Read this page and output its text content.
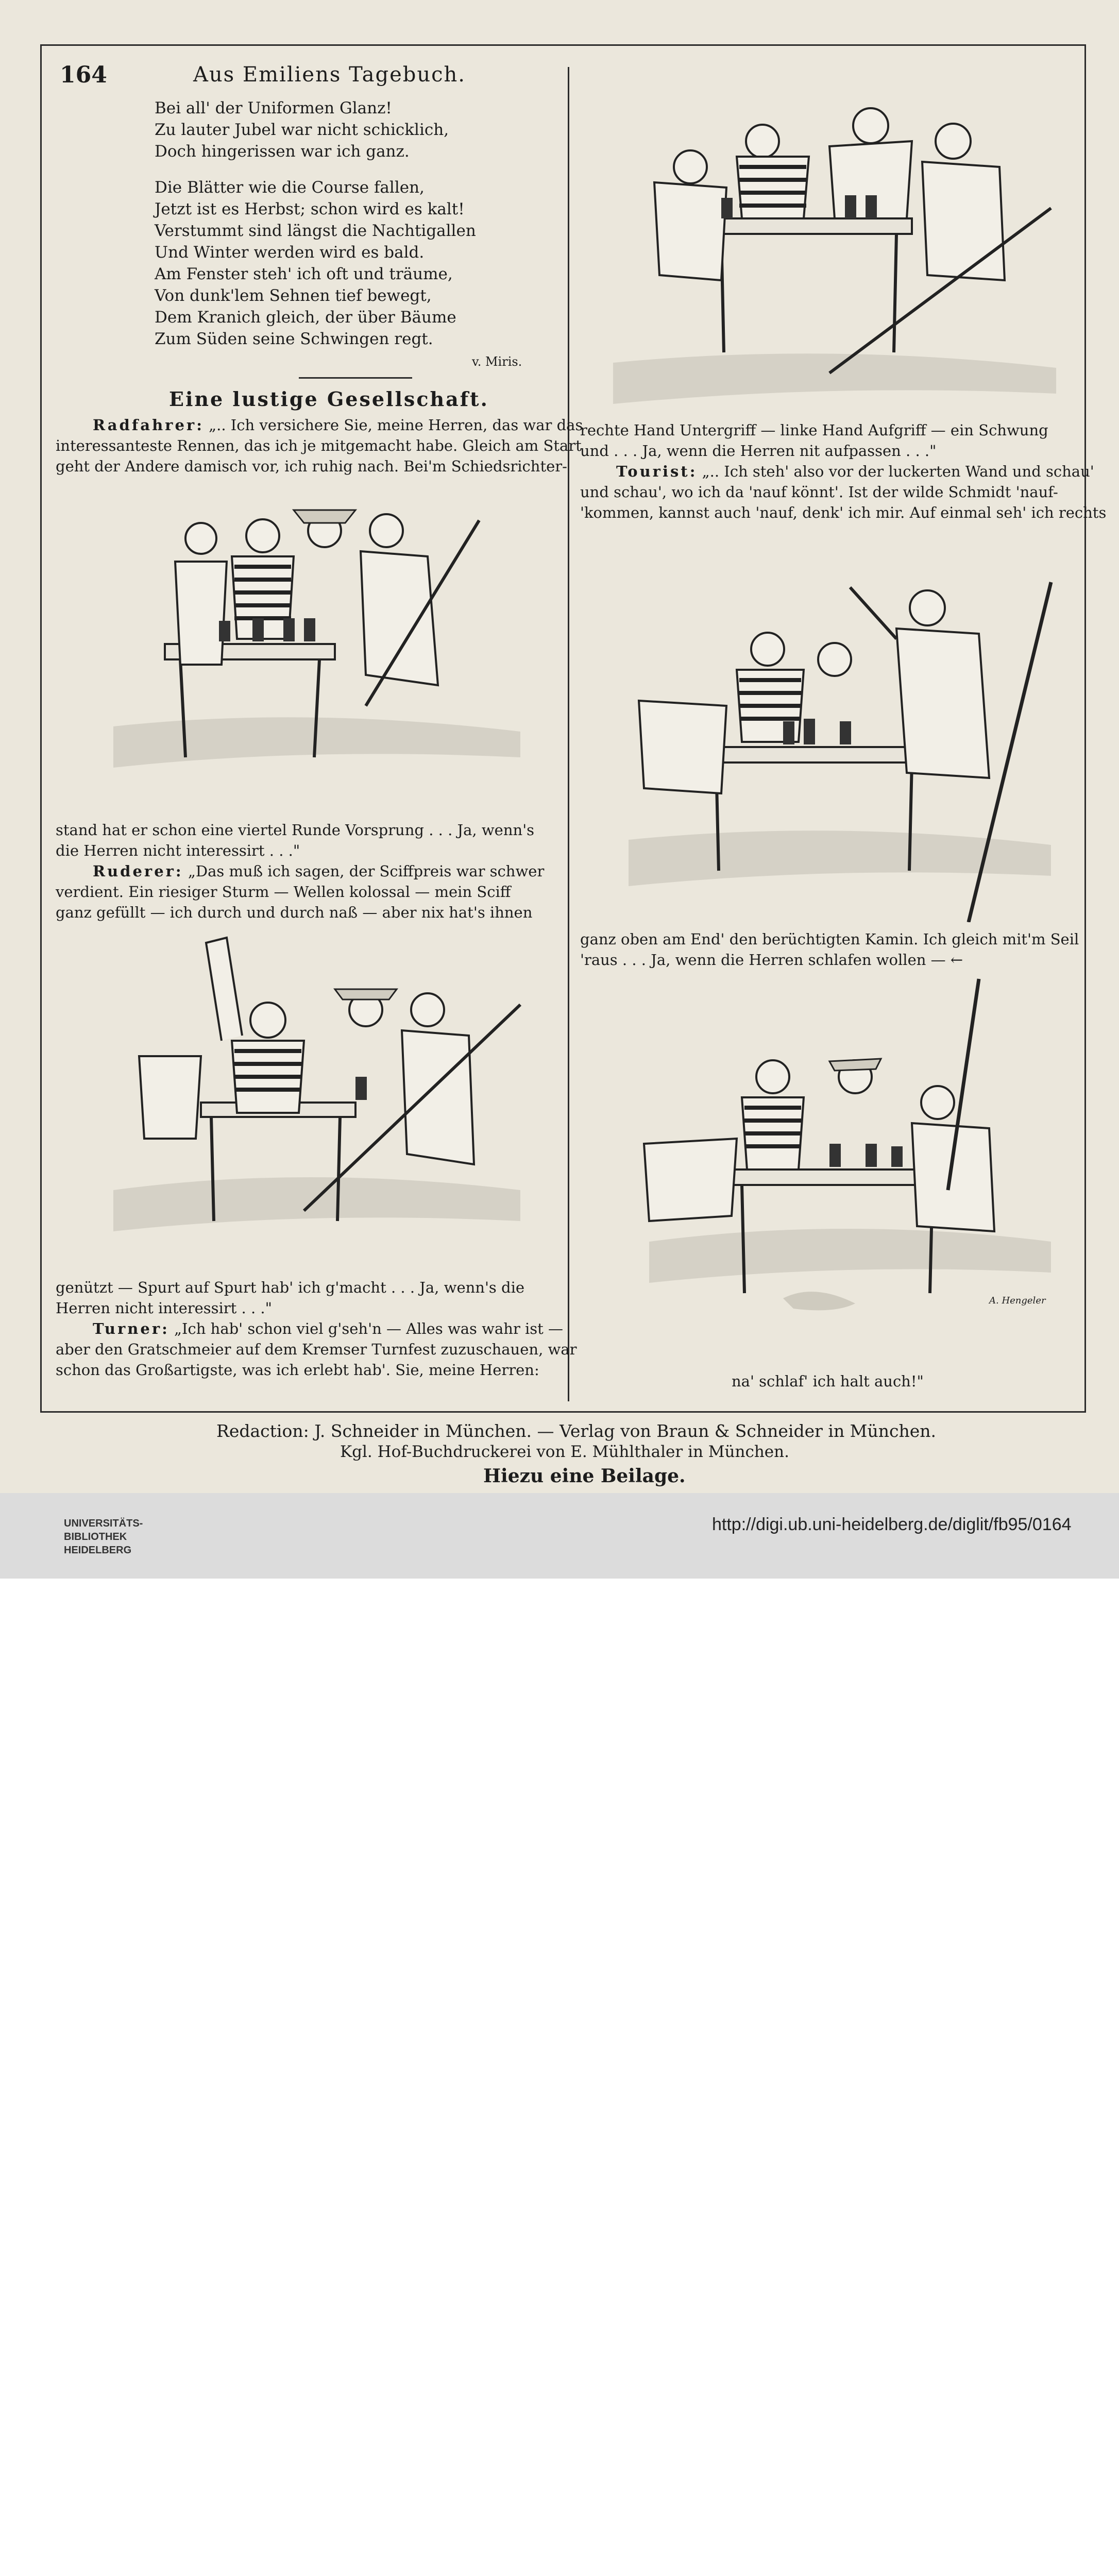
164	Aus Emiliens Tagebuch.
Bei all' der Uniformen Glanz!
Zu lauter Jubel war nicht schicklich,
Doch hingerissen war ich ganz.
Die Blätter wie die Course fallen,
Jetzt ist es Herbst; schon wird es kalt!
Verstummt sind längst die Nachtigallen
Und Winter werden wird es bald.
Am Fenster steh' ich oft und träume,
Von dunk'lem Sehnen tief bewegt,
Dem Kranich gleich, der über Bäume
Zum Süden seine Schwingen regt.
v. Miris.
Eine lustige Gesellschaft.
Radfahrer: „.. Ich versichere Sie, meine Herren, das war das
interessanteste Rennen, das ich je mitgemacht habe. Gleich am Start
geht der Andere damisch vor, ich ruhig nach. Bei'm Schiedsrichter-
stand hat er schon eine viertel Runde Vorsprung . . . Ja, wenn's
die Herren nicht interessirt . . ."
Ruderer: „Das muß ich sagen, der Sciffpreis war schwer
verdient. Ein riesiger Sturm — Wellen kolossal — mein Sciff
ganz gefüllt — ich durch und durch naß — aber nix hat's ihnen
genützt — Spurt auf Spurt hab' ich g'macht . . . Ja, wenn's die
Herren nicht interessirt . . ."
Turner: „Ich hab' schon viel g'seh'n — Alles was wahr ist —
aber den Gratschmeier auf dem Kremser Turnfest zuzuschauen, war
schon das Großartigste, was ich erlebt hab'. Sie, meine Herren:
rechte Hand Untergriff — linke Hand Aufgriff — ein Schwung
und . . . Ja, wenn die Herren nit aufpassen . . ."
Tourist: „.. Ich steh' also vor der luckerten Wand und schau'
und schau', wo ich da 'nauf könnt'. Ist der wilde Schmidt 'nauf-
'kommen, kannst auch 'nauf, denk' ich mir. Auf einmal seh' ich rechts
ganz oben am End' den berüchtigten Kamin. Ich gleich mit'm Seil
'raus . . . Ja, wenn die Herren schlafen wollen — ←
A. Hengeler
na' schlaf' ich halt auch!"
Redaction: J. Schneider in München. — Verlag von Braun & Schneider in München.
Kgl. Hof-Buchdruckerei von E. Mühlthaler in München.
Hiezu eine Beilage.
UNIVERSITÄTS-
BIBLIOTHEK
HEIDELBERG
http://digi.ub.uni-heidelberg.de/diglit/fb95/0164
